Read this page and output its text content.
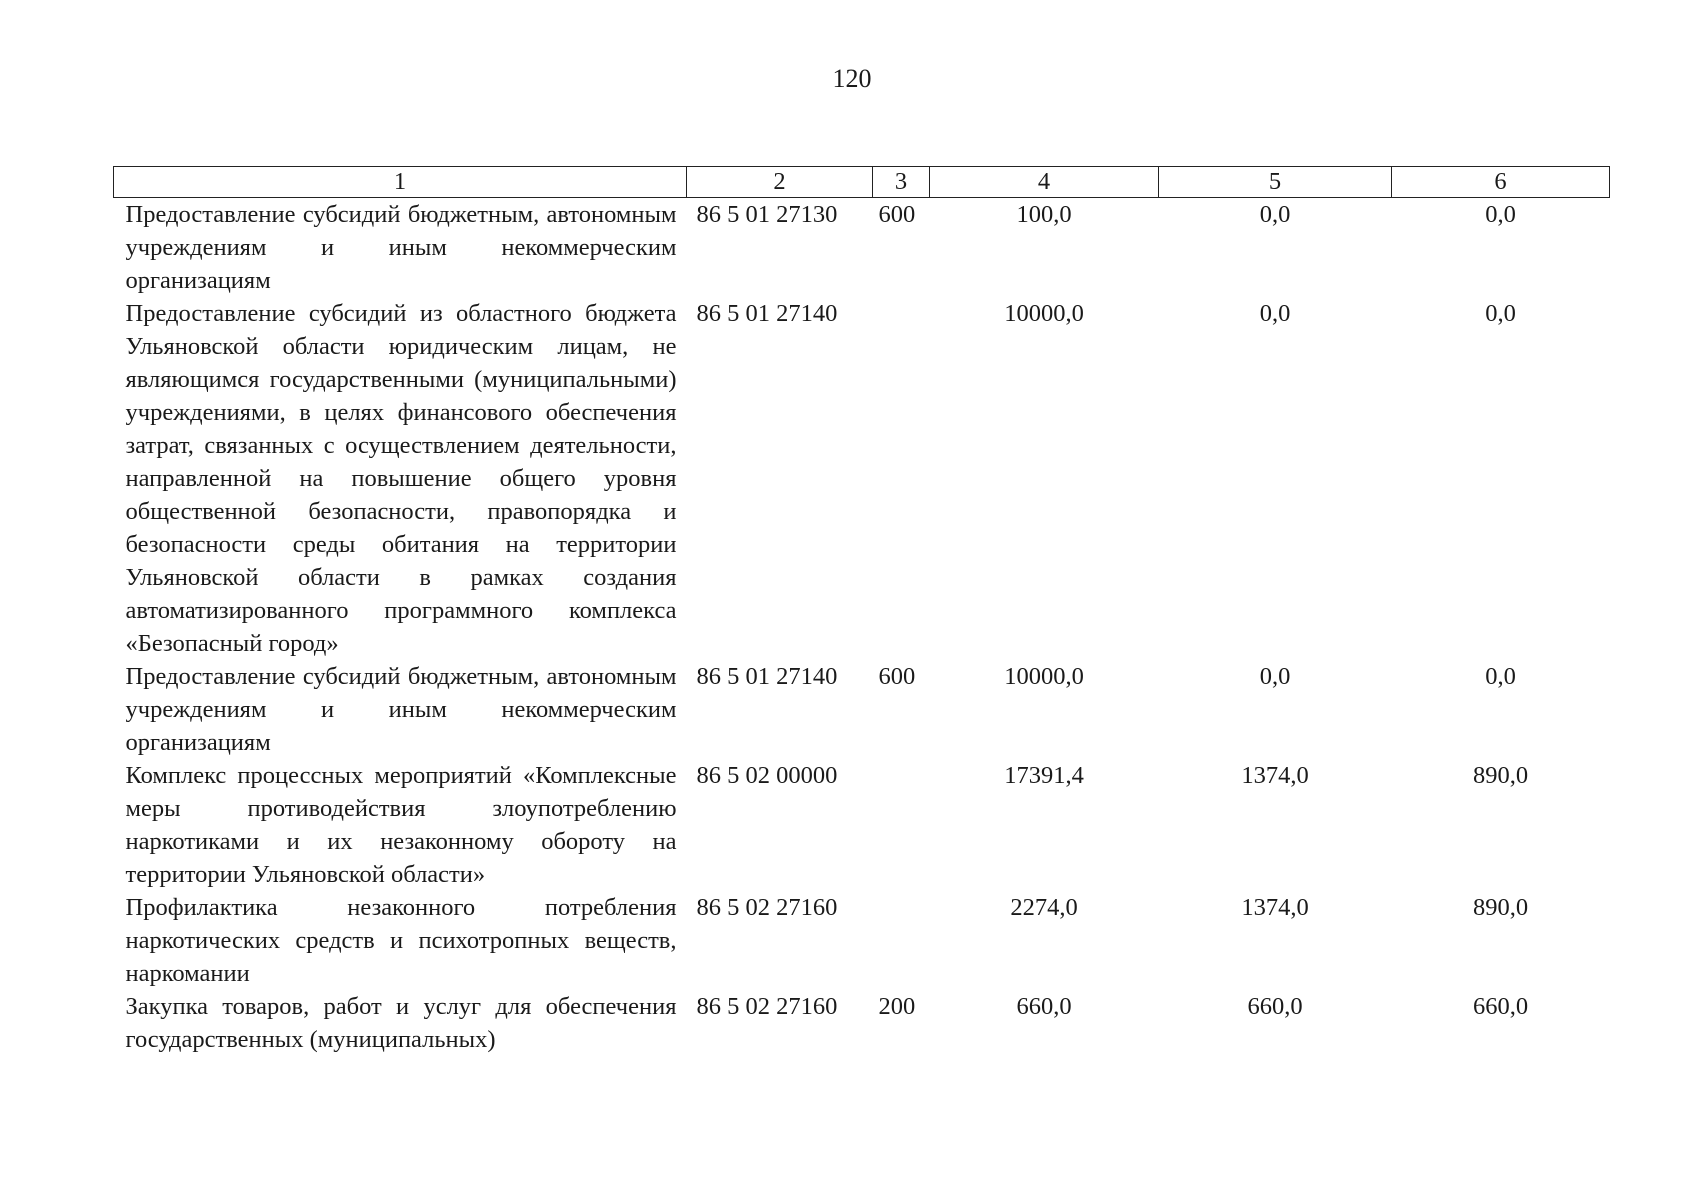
120
1	2	3	4	5	6
Предоставление субсидий бюджетным, автономным учреждениям и иным некоммерческим организациям	86 5 01 27130	600	100,0	0,0	0,0
Предоставление субсидий из областного бюджета Ульяновской области юридическим лицам, не являющимся государственными (муниципальными) учреждениями, в целях финансового обеспечения затрат, связанных с осуществлением деятельности, направленной на повышение общего уровня общественной безопасности, правопорядка и безопасности среды обитания на территории Ульяновской области в рамках создания автоматизированного программного комплекса «Безопасный город»	86 5 01 27140		10000,0	0,0	0,0
Предоставление субсидий бюджетным, автономным учреждениям и иным некоммерческим организациям	86 5 01 27140	600	10000,0	0,0	0,0
Комплекс процессных мероприятий «Комплексные меры противодействия злоупотреблению наркотиками и их незаконному обороту на территории Ульяновской области»	86 5 02 00000		17391,4	1374,0	890,0
Профилактика незаконного потребления наркотических средств и психотропных веществ, наркомании	86 5 02 27160		2274,0	1374,0	890,0
Закупка товаров, работ и услуг для обеспечения государственных (муниципальных)	86 5 02 27160	200	660,0	660,0	660,0
